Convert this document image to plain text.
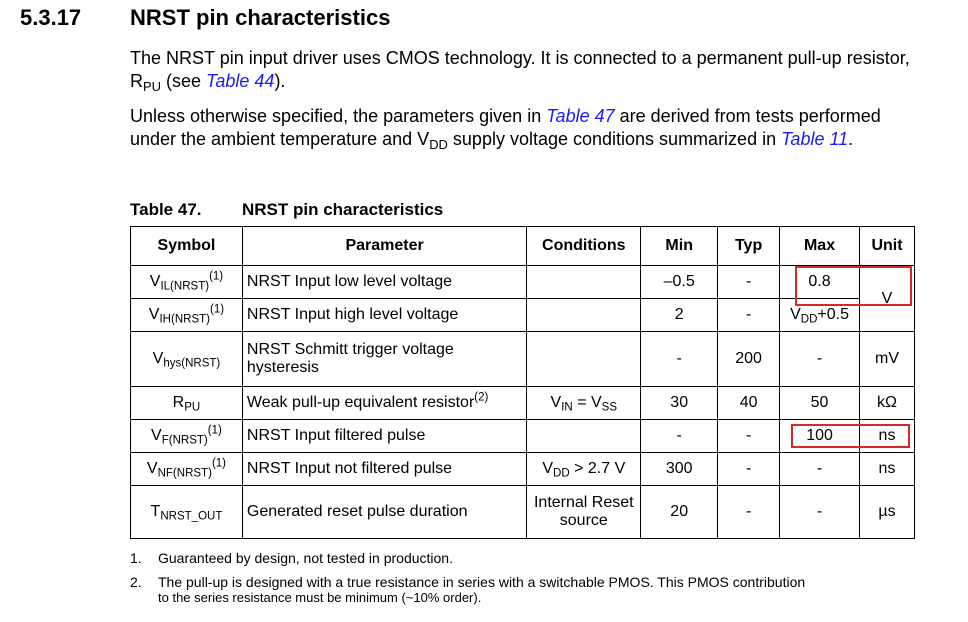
5.3.17 NRST pin characteristics
The NRST pin input driver uses CMOS technology. It is connected to a permanent pull-up resistor, $R_{PU}$ (see Table 44).
Unless otherwise specified, the parameters given in Table 47 are derived from tests performed under the ambient temperature and $V_{DD}$ supply voltage conditions summarized in Table 11.
Table 47. NRST pin characteristics
Symbol	Parameter	Conditions	Min	Typ	Max	Unit
$V_{IL(NRST)}^{(1)}$	NRST Input low level voltage		–0.5	-	0.8	V
$V_{IH(NRST)}^{(1)}$	NRST Input high level voltage		2	-	$V_{DD}+0.5$	
$V_{hys(NRST)}$	NRST Schmitt trigger voltage hysteresis		-	200	-	mV
$R_{PU}$	Weak pull-up equivalent resistor$^{(2)}$	$V_{IN} = V_{SS}$	30	40	50	kΩ
$V_{F(NRST)}^{(1)}$	NRST Input filtered pulse		-	-	100	ns
$V_{NF(NRST)}^{(1)}$	NRST Input not filtered pulse	$V_{DD} > 2.7$ V	300	-	-	ns
$T_{NRST\_OUT}$	Generated reset pulse duration	Internal Reset source	20	-	-	µs
1. Guaranteed by design, not tested in production.
2. The pull-up is designed with a true resistance in series with a switchable PMOS. This PMOS contribution
to the series resistance must be minimum (~10% order).
